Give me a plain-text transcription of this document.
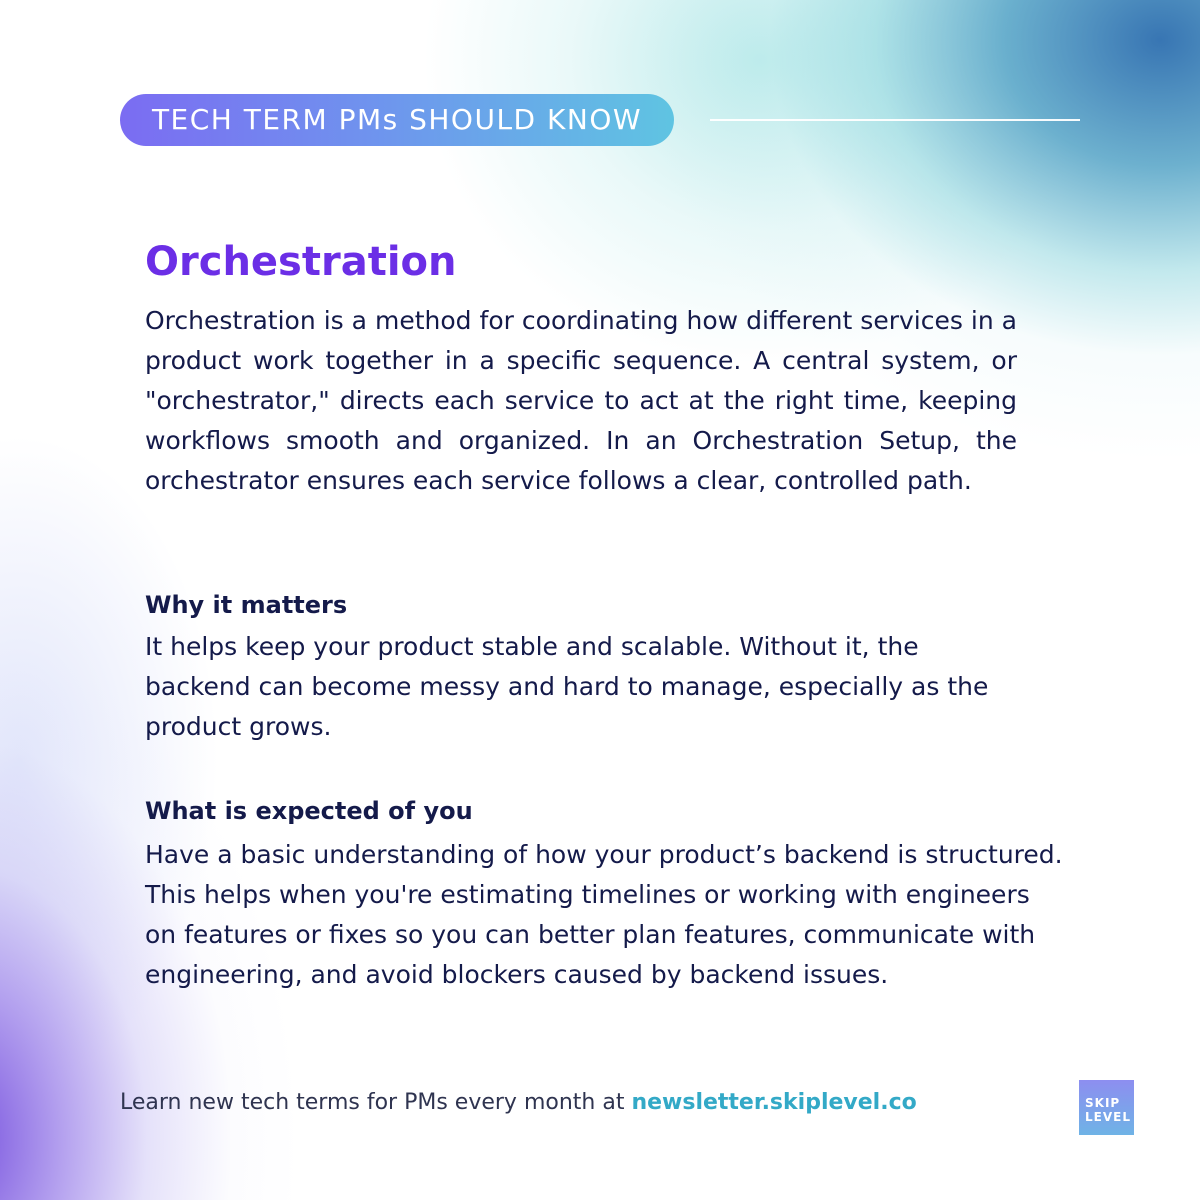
TECH TERM PMs SHOULD KNOW
Orchestration

Orchestration is a method for coordinating how different services in a product work together in a specific sequence. A central system, or "orchestrator," directs each service to act at the right time, keeping workflows smooth and organized. In an Orchestration Setup, the orchestrator ensures each service follows a clear, controlled path.

Why it matters

It helps keep your product stable and scalable. Without it, the backend can become messy and hard to manage, especially as the product grows.

What is expected of you

Have a basic understanding of how your product’s backend is structured. This helps when you're estimating timelines or working with engineers on features or fixes so you can better plan features, communicate with engineering, and avoid blockers caused by backend issues.

Learn new tech terms for PMs every month at newsletter.skiplevel.co	SKIP
LEVEL
